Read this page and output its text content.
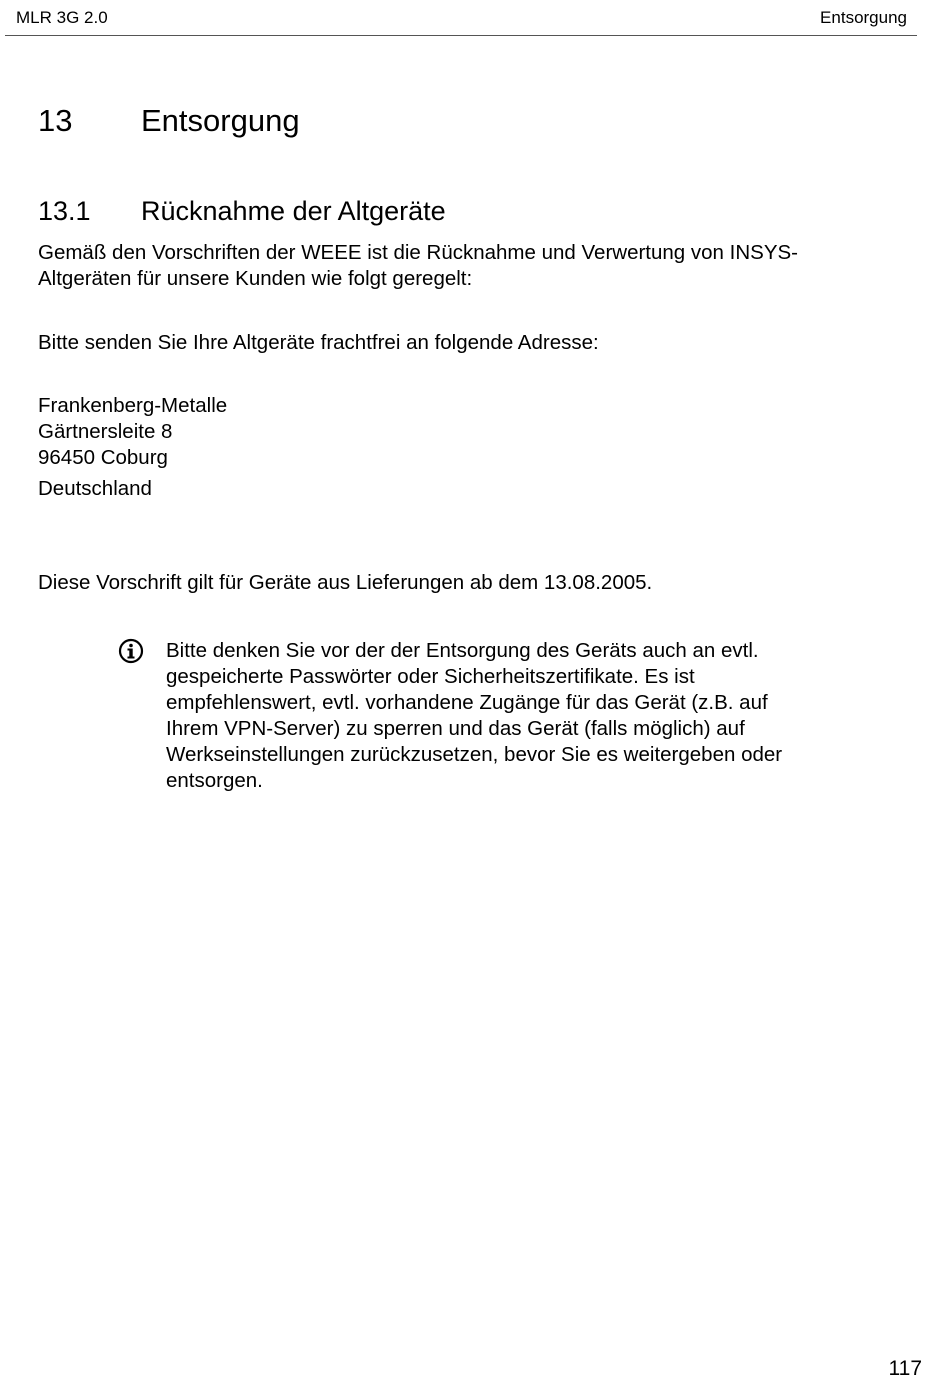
MLR 3G 2.0	Entsorgung
13 Entsorgung
13.1 Rücknahme der Altgeräte

Gemäß den Vorschriften der WEEE ist die Rücknahme und Verwertung von INSYS-
Altgeräten für unsere Kunden wie folgt geregelt:

Bitte senden Sie Ihre Altgeräte frachtfrei an folgende Adresse:

Frankenberg-Metalle
Gärtnersleite 8
96450 Coburg
Deutschland

Diese Vorschrift gilt für Geräte aus Lieferungen ab dem 13.08.2005.

Bitte denken Sie vor der der Entsorgung des Geräts auch an evtl.
gespeicherte Passwörter oder Sicherheitszertifikate. Es ist
empfehlenswert, evtl. vorhandene Zugänge für das Gerät (z.B. auf
Ihrem VPN-Server) zu sperren und das Gerät (falls möglich) auf
Werkseinstellungen zurückzusetzen, bevor Sie es weitergeben oder
entsorgen.

117
